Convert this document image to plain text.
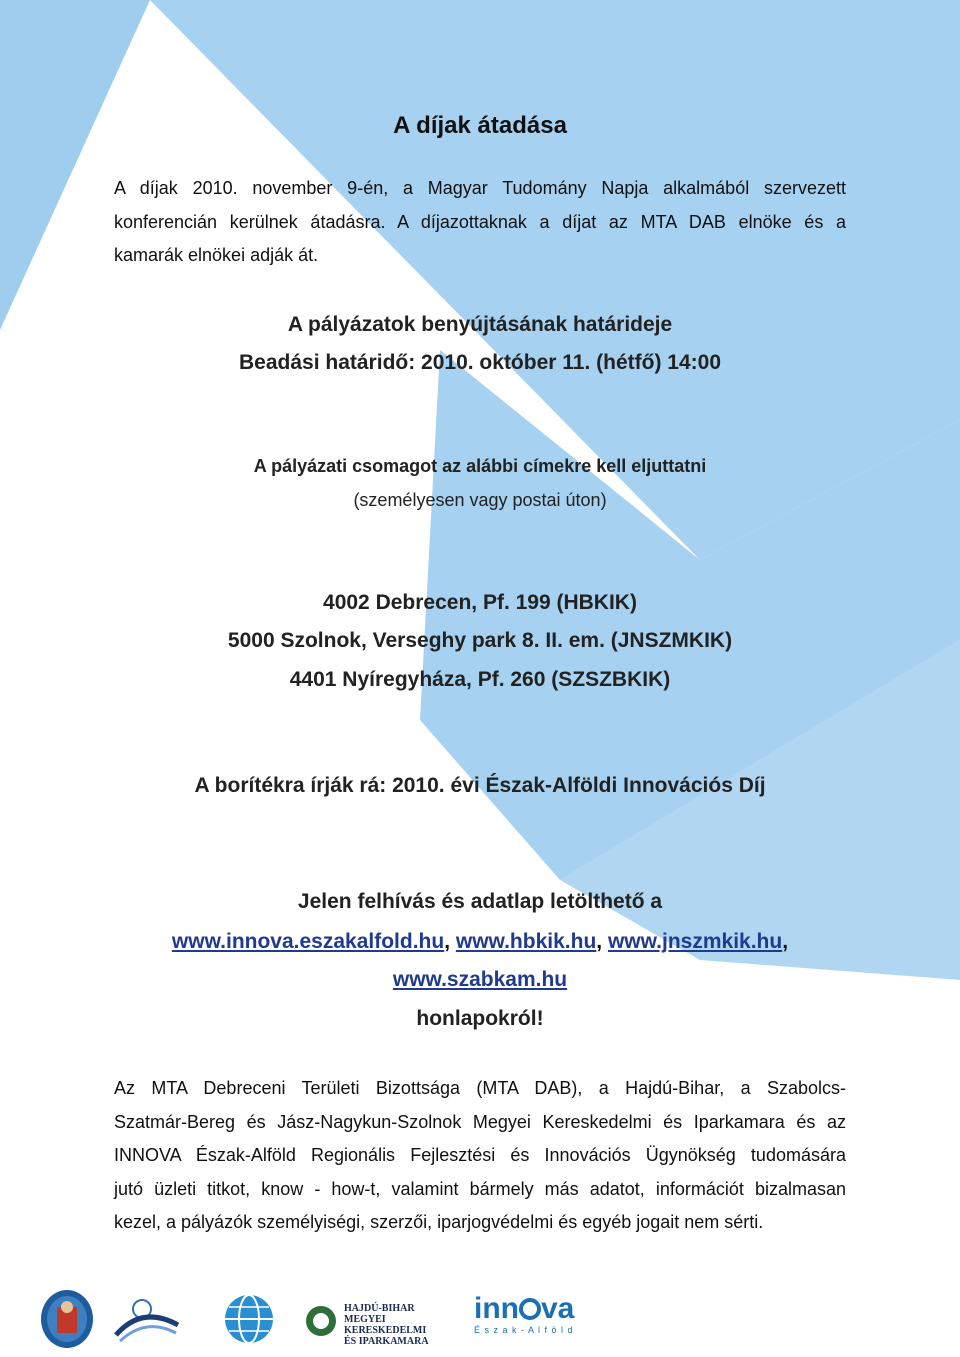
A díjak átadása
A díjak 2010. november 9-én, a Magyar Tudomány Napja alkalmából szervezett
konferencián kerülnek átadásra. A díjazottaknak a díjat az MTA DAB elnöke és a
kamarák elnökei adják át.
A pályázatok benyújtásának határideje
Beadási határidő: 2010. október 11. (hétfő) 14:00
A pályázati csomagot az alábbi címekre kell eljuttatni
(személyesen vagy postai úton)
4002 Debrecen, Pf. 199 (HBKIK)
5000 Szolnok, Verseghy park 8. II. em. (JNSZMKIK)
4401 Nyíregyháza, Pf. 260 (SZSZBKIK)
A borítékra írják rá: 2010. évi Észak-Alföldi Innovációs Díj
Jelen felhívás és adatlap letölthető a
www.innova.eszakalfold.hu, www.hbkik.hu, www.jnszmkik.hu,
www.szabkam.hu
honlapokról!
Az MTA Debreceni Területi Bizottsága (MTA DAB), a Hajdú-Bihar, a Szabolcs-
Szatmár-Bereg és Jász-Nagykun-Szolnok Megyei Kereskedelmi és Iparkamara és az
INNOVA Észak-Alföld Regionális Fejlesztési és Innovációs Ügynökség tudomására
jutó üzleti titkot, know - how-t, valamint bármely más adatot, információt bizalmasan
kezel, a pályázók személyiségi, szerzői, iparjogvédelmi és egyéb jogait nem sérti.
HAJDÚ-BIHAR MEGYEI
KERESKEDELMI
ÉS IPARKAMARA
inn va
É s z a k - A l f ö l d
